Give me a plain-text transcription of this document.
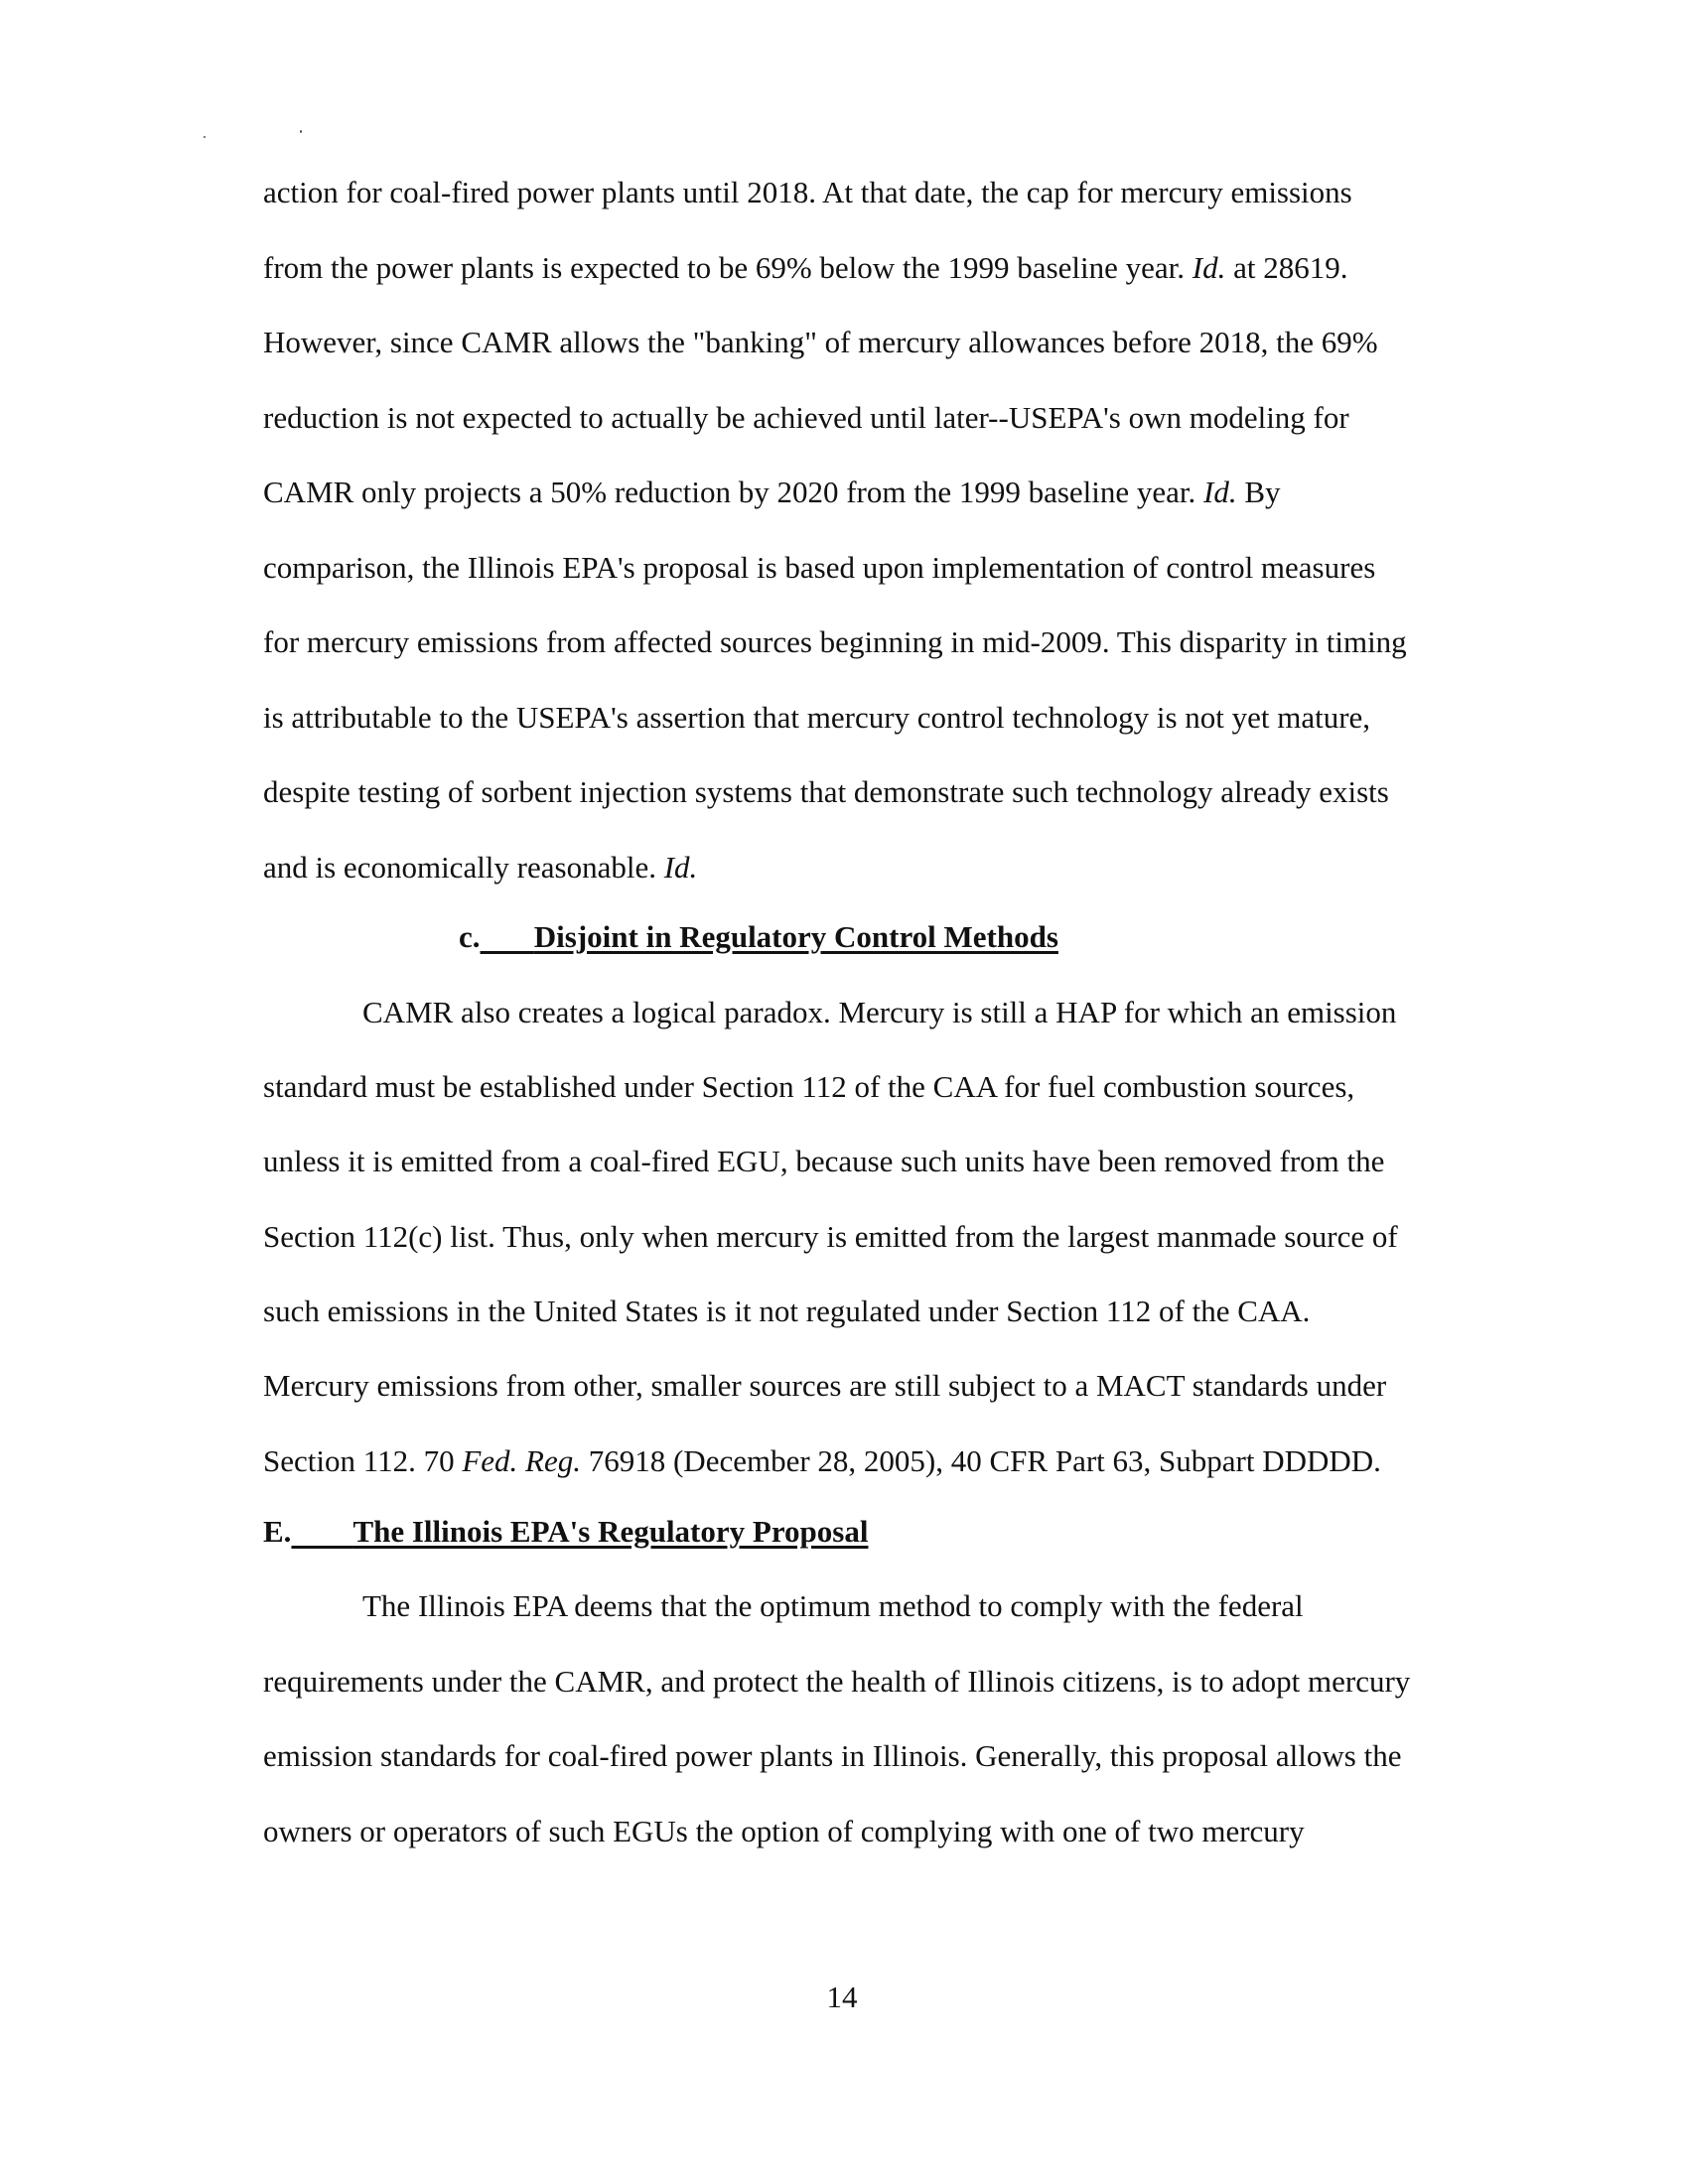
action for coal-fired power plants until 2018. At that date, the cap for mercury emissions

from the power plants is expected to be 69% below the 1999 baseline year. Id. at 28619.

However, since CAMR allows the "banking" of mercury allowances before 2018, the 69%

reduction is not expected to actually be achieved until later--USEPA's own modeling for

CAMR only projects a 50% reduction by 2020 from the 1999 baseline year. Id. By

comparison, the Illinois EPA's proposal is based upon implementation of control measures

for mercury emissions from affected sources beginning in mid-2009. This disparity in timing

is attributable to the USEPA's assertion that mercury control technology is not yet mature,

despite testing of sorbent injection systems that demonstrate such technology already exists

and is economically reasonable. Id.

c. Disjoint in Regulatory Control Methods

CAMR also creates a logical paradox. Mercury is still a HAP for which an emission

standard must be established under Section 112 of the CAA for fuel combustion sources,

unless it is emitted from a coal-fired EGU, because such units have been removed from the

Section 112(c) list. Thus, only when mercury is emitted from the largest manmade source of

such emissions in the United States is it not regulated under Section 112 of the CAA.

Mercury emissions from other, smaller sources are still subject to a MACT standards under

Section 112. 70 Fed. Reg. 76918 (December 28, 2005), 40 CFR Part 63, Subpart DDDDD.

E. The Illinois EPA's Regulatory Proposal

The Illinois EPA deems that the optimum method to comply with the federal

requirements under the CAMR, and protect the health of Illinois citizens, is to adopt mercury

emission standards for coal-fired power plants in Illinois. Generally, this proposal allows the

owners or operators of such EGUs the option of complying with one of two mercury

14
